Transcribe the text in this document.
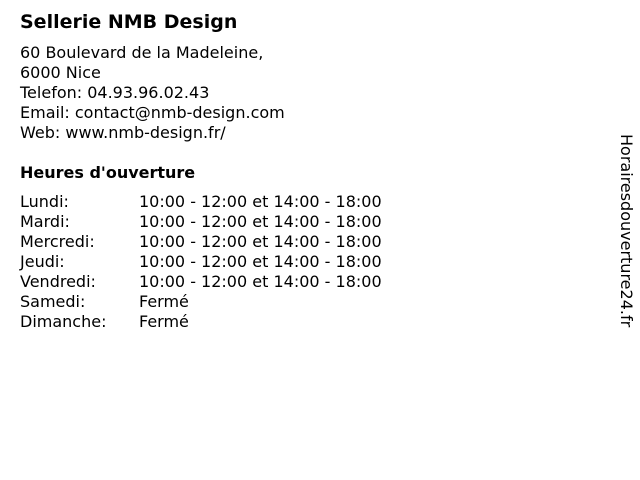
Sellerie NMB Design
60 Boulevard de la Madeleine,
6000 Nice
Telefon: 04.93.96.02.43
Email: contact@nmb-design.com
Web: www.nmb-design.fr/
Heures d'ouverture
Lundi:	10:00 - 12:00 et 14:00 - 18:00
Mardi:	10:00 - 12:00 et 14:00 - 18:00
Mercredi:	10:00 - 12:00 et 14:00 - 18:00
Jeudi:	10:00 - 12:00 et 14:00 - 18:00
Vendredi:	10:00 - 12:00 et 14:00 - 18:00
Samedi:	Fermé
Dimanche:	Fermé	Horairesdouverture24.fr
